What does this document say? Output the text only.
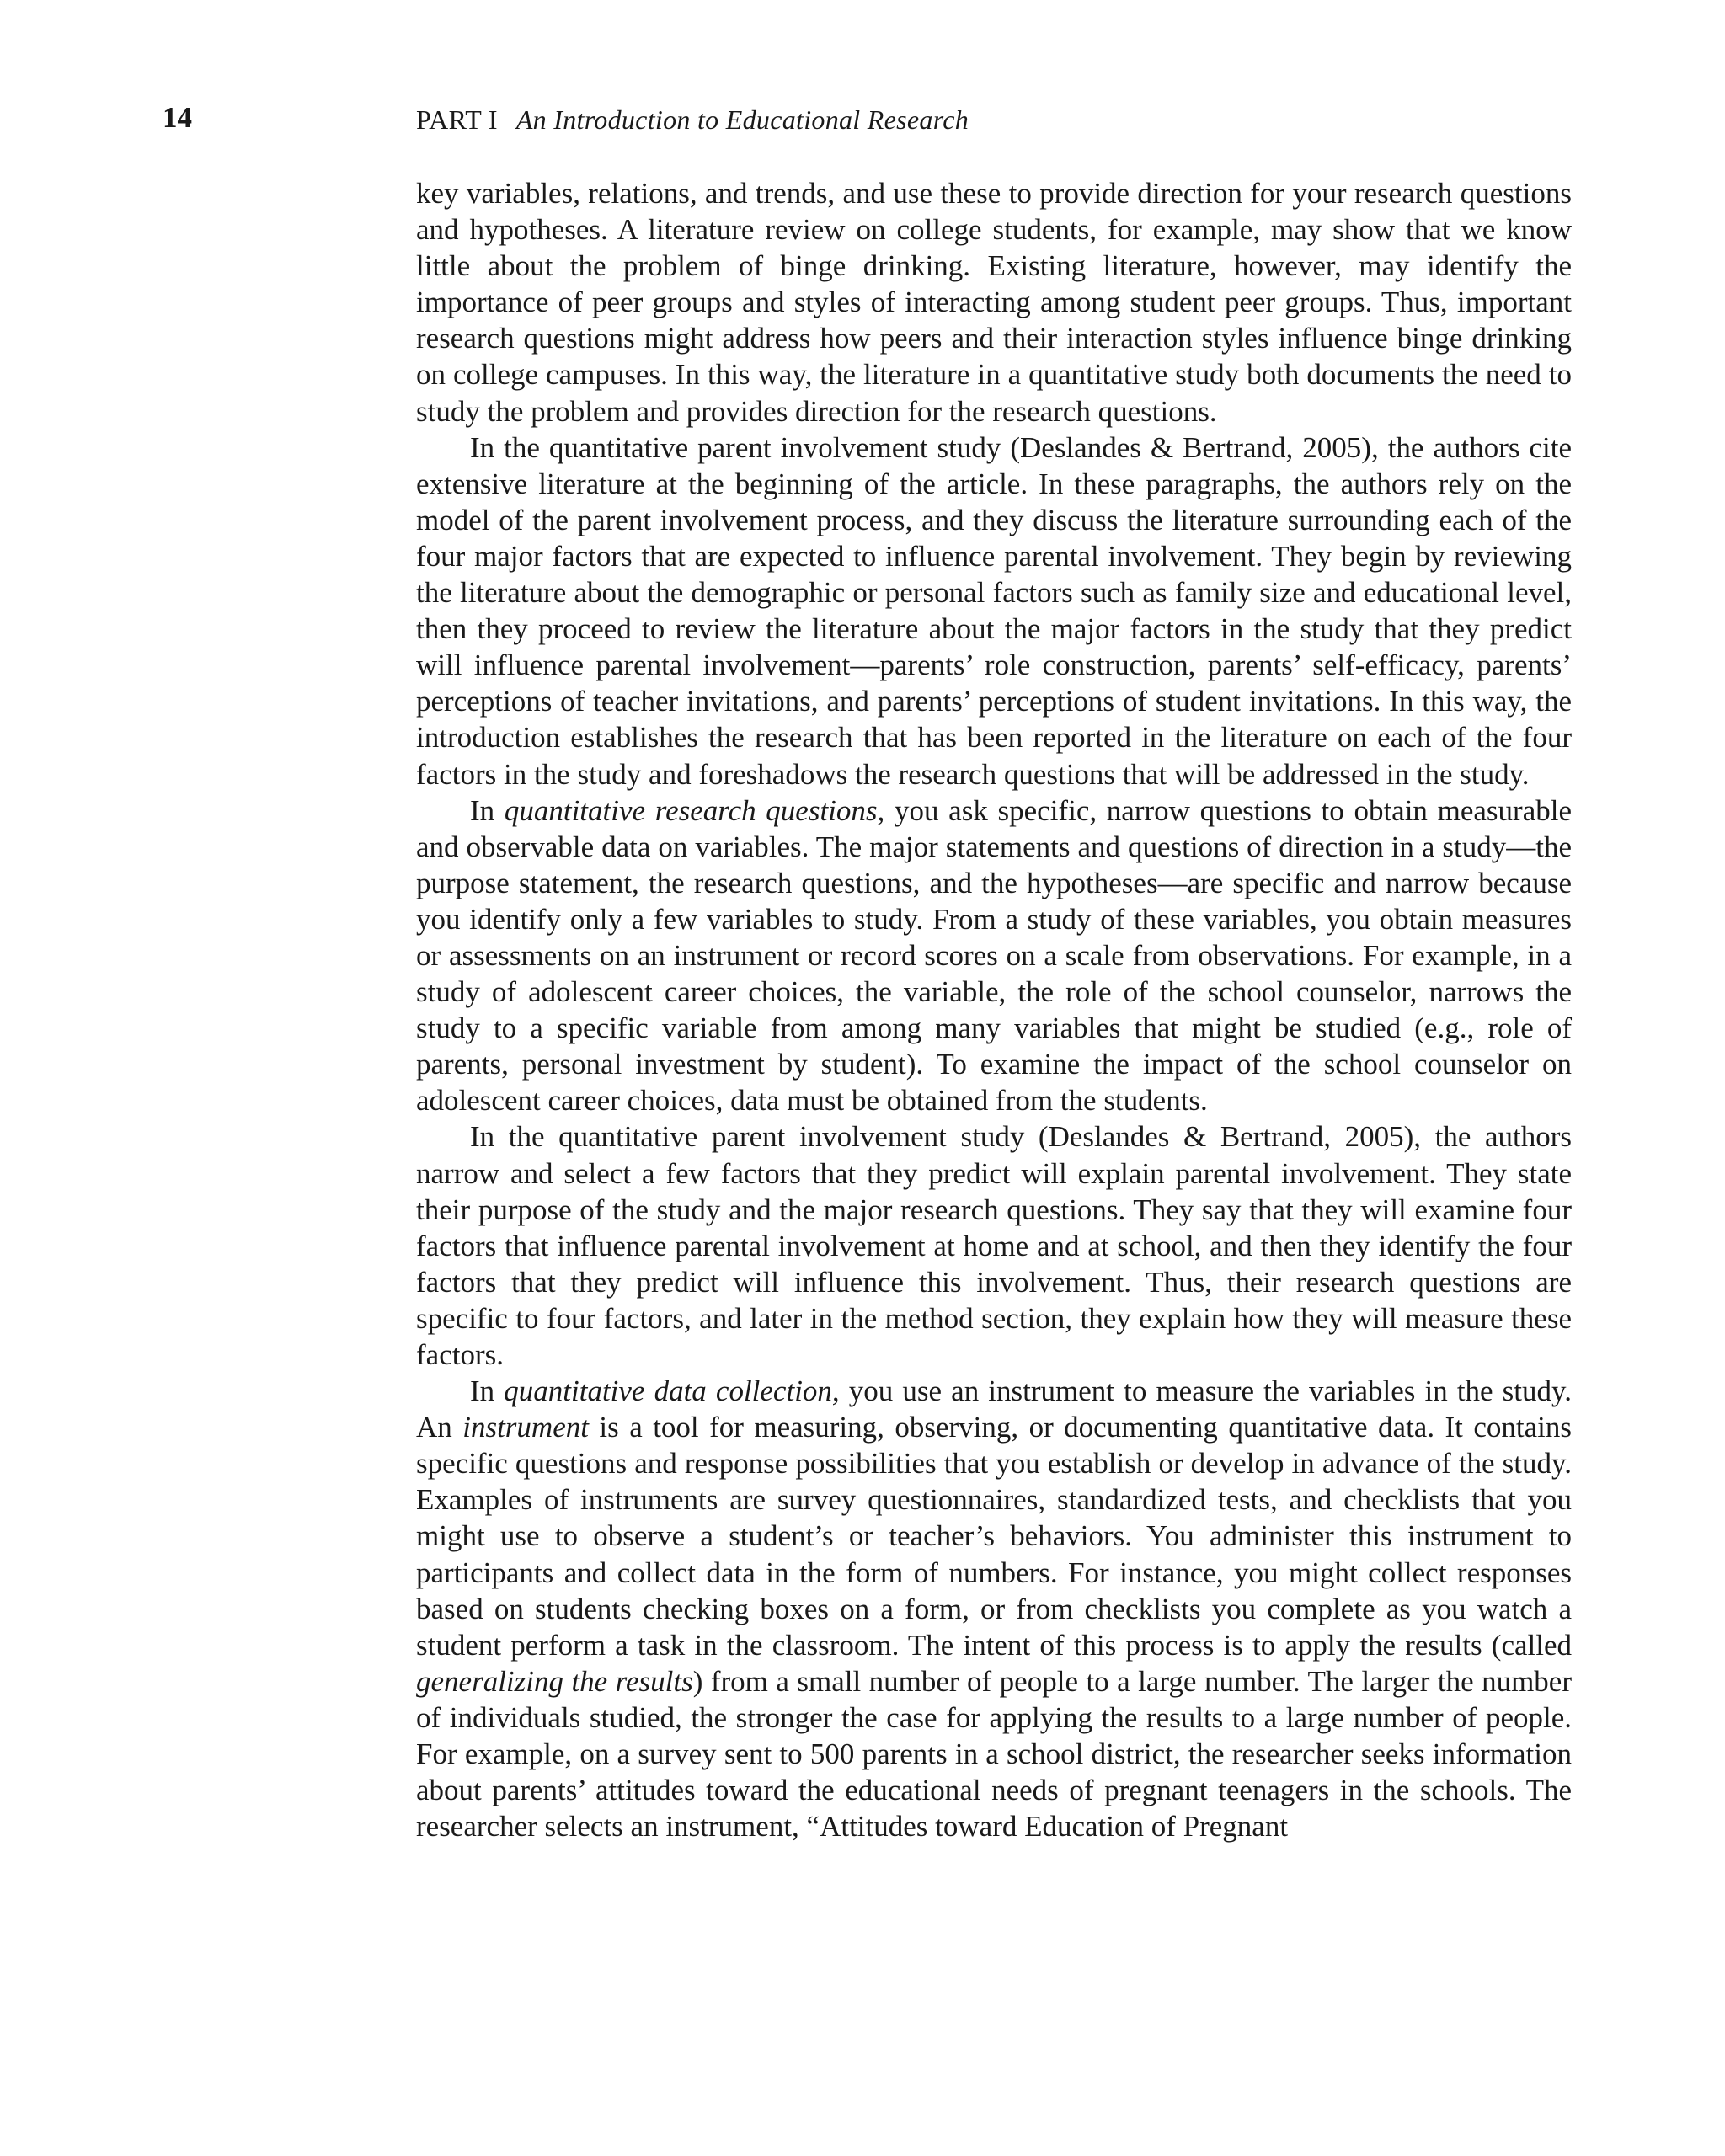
14	PART I An Introduction to Educational Research

key variables, relations, and trends, and use these to provide direction for your research questions and hypotheses. A literature review on college students, for example, may show that we know little about the problem of binge drinking. Existing literature, however, may identify the importance of peer groups and styles of interacting among student peer groups. Thus, important research questions might address how peers and their interaction styles influence binge drinking on college campuses. In this way, the literature in a quantitative study both documents the need to study the problem and provides direction for the research questions.

In the quantitative parent involvement study (Deslandes & Bertrand, 2005), the authors cite extensive literature at the beginning of the article. In these paragraphs, the authors rely on the model of the parent involvement process, and they discuss the literature surrounding each of the four major factors that are expected to influence parental involvement. They begin by reviewing the literature about the demographic or personal factors such as family size and educational level, then they proceed to review the literature about the major factors in the study that they predict will influence parental involvement—parents’ role construction, parents’ self-efficacy, parents’ perceptions of teacher invitations, and parents’ perceptions of student invitations. In this way, the introduction establishes the research that has been reported in the literature on each of the four factors in the study and foreshadows the research questions that will be addressed in the study.

In quantitative research questions, you ask specific, narrow questions to obtain measurable and observable data on variables. The major statements and questions of direction in a study—the purpose statement, the research questions, and the hypotheses—are specific and narrow because you identify only a few variables to study. From a study of these variables, you obtain measures or assessments on an instrument or record scores on a scale from observations. For example, in a study of adolescent career choices, the variable, the role of the school counselor, narrows the study to a specific variable from among many variables that might be studied (e.g., role of parents, personal investment by student). To examine the impact of the school counselor on adolescent career choices, data must be obtained from the students.

In the quantitative parent involvement study (Deslandes & Bertrand, 2005), the authors narrow and select a few factors that they predict will explain parental involvement. They state their purpose of the study and the major research questions. They say that they will examine four factors that influence parental involvement at home and at school, and then they identify the four factors that they predict will influence this involvement. Thus, their research questions are specific to four factors, and later in the method section, they explain how they will measure these factors.

In quantitative data collection, you use an instrument to measure the variables in the study. An instrument is a tool for measuring, observing, or documenting quantitative data. It contains specific questions and response possibilities that you establish or develop in advance of the study. Examples of instruments are survey questionnaires, standardized tests, and checklists that you might use to observe a student’s or teacher’s behaviors. You administer this instrument to participants and collect data in the form of numbers. For instance, you might collect responses based on students checking boxes on a form, or from checklists you complete as you watch a student perform a task in the classroom. The intent of this process is to apply the results (called generalizing the results) from a small number of people to a large number. The larger the number of individuals studied, the stronger the case for applying the results to a large number of people. For example, on a survey sent to 500 parents in a school district, the researcher seeks information about parents’ attitudes toward the educational needs of pregnant teenagers in the schools. The researcher selects an instrument, “Attitudes toward Education of Pregnant
